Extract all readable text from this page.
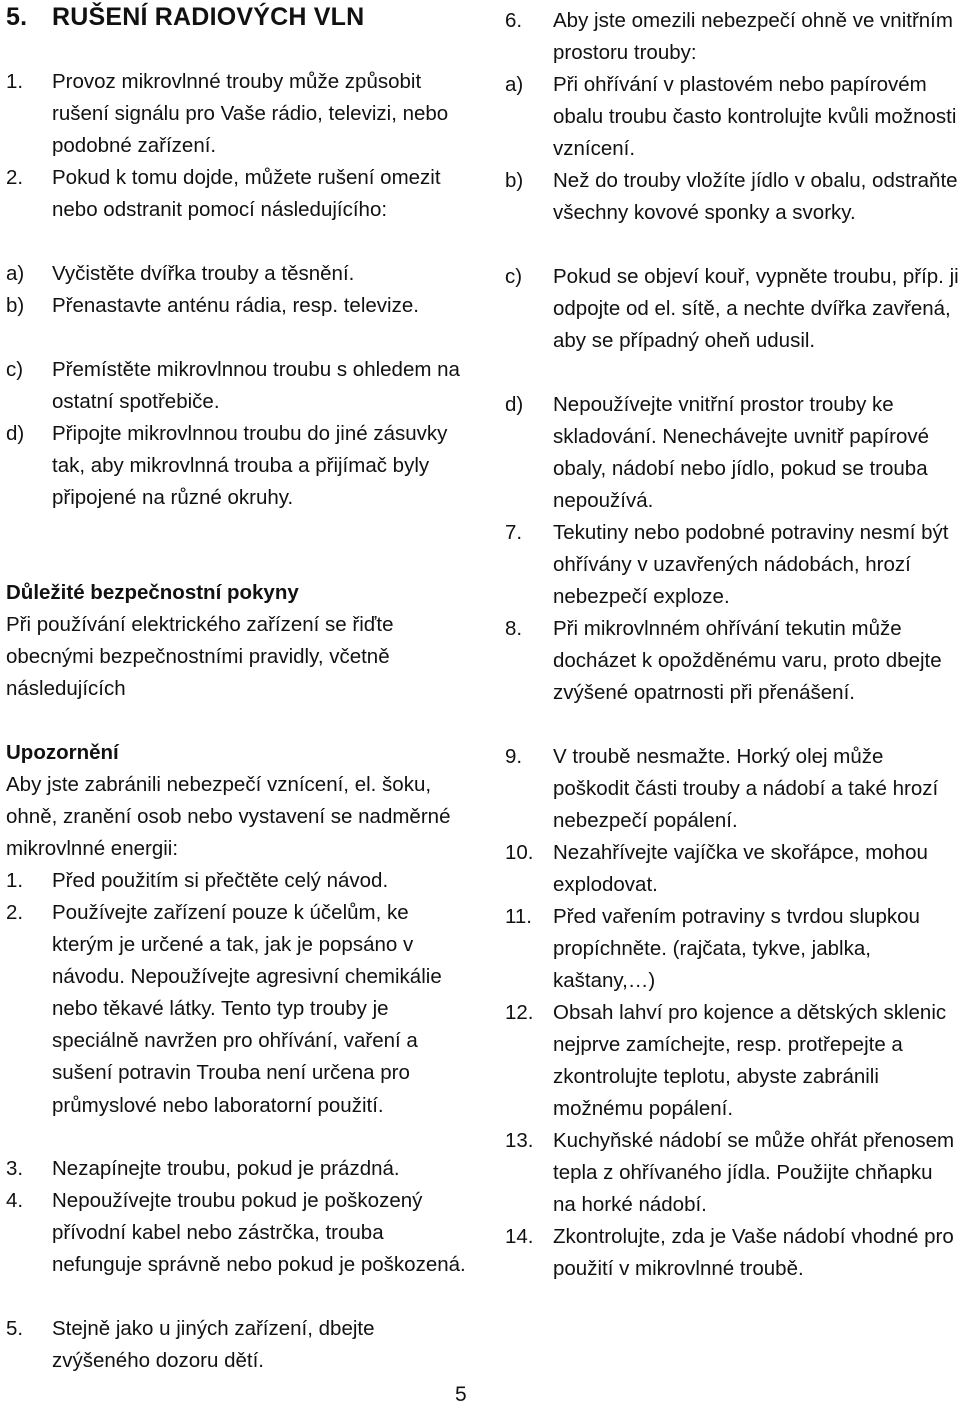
5. RUŠENÍ RADIOVÝCH VLN
1. Provoz mikrovlnné trouby může způsobit rušení signálu pro Vaše rádio, televizi, nebo podobné zařízení.
2. Pokud k tomu dojde, můžete rušení omezit nebo odstranit pomocí následujícího:
a) Vyčistěte dvířka trouby a těsnění.
b) Přenastavte anténu rádia, resp. televize.
c) Přemístěte mikrovlnnou troubu s ohledem na ostatní spotřebiče.
d) Připojte mikrovlnnou troubu do jiné zásuvky tak, aby mikrovlnná trouba a přijímač byly připojené na různé okruhy.
Důležité bezpečnostní pokyny
Při používání elektrického zařízení se řiďte obecnými bezpečnostními pravidly, včetně následujících
Upozornění
Aby jste zabránili nebezpečí vznícení, el. šoku, ohně, zranění osob nebo vystavení se nadměrné mikrovlnné energii:
1. Před použitím si přečtěte celý návod.
2. Používejte zařízení pouze k účelům, ke kterým je určené a tak, jak je popsáno v návodu. Nepoužívejte agresivní chemikálie nebo těkavé látky. Tento typ trouby je speciálně navržen pro ohřívání, vaření a sušení potravin Trouba není určena pro průmyslové nebo laboratorní použití.
3. Nezapínejte troubu, pokud je prázdná.
4. Nepoužívejte troubu pokud je poškozený přívodní kabel nebo zástrčka, trouba nefunguje správně nebo pokud je poškozená.
5. Stejně jako u jiných zařízení, dbejte zvýšeného dozoru dětí.
6. Aby jste omezili nebezpečí ohně ve vnitřním prostoru trouby:
a) Při ohřívání v plastovém nebo papírovém obalu troubu často kontrolujte kvůli možnosti vznícení.
b) Než do trouby vložíte jídlo v obalu, odstraňte všechny kovové sponky a svorky.
c) Pokud se objeví kouř, vypněte troubu, příp. ji odpojte od el. sítě, a nechte dvířka zavřená, aby se případný oheň udusil.
d) Nepoužívejte vnitřní prostor trouby ke skladování. Nenechávejte uvnitř papírové obaly, nádobí nebo jídlo, pokud se trouba nepoužívá.
7. Tekutiny nebo podobné potraviny nesmí být ohřívány v uzavřených nádobách, hrozí nebezpečí exploze.
8. Při mikrovlnném ohřívání tekutin může docházet k opožděnému varu, proto dbejte zvýšené opatrnosti při přenášení.
9. V troubě nesmažte. Horký olej může poškodit části trouby a nádobí a také hrozí nebezpečí popálení.
10. Nezahřívejte vajíčka ve skořápce, mohou explodovat.
11. Před vařením potraviny s tvrdou slupkou propíchněte. (rajčata, tykve, jablka, kaštany,…)
12. Obsah lahví pro kojence a dětských sklenic nejprve zamíchejte, resp. protřepejte a zkontrolujte teplotu, abyste zabránili možnému popálení.
13. Kuchyňské nádobí se může ohřát přenosem tepla z ohřívaného jídla. Použijte chňapku na horké nádobí.
14. Zkontrolujte, zda je Vaše nádobí vhodné pro použití v mikrovlnné troubě.
5
